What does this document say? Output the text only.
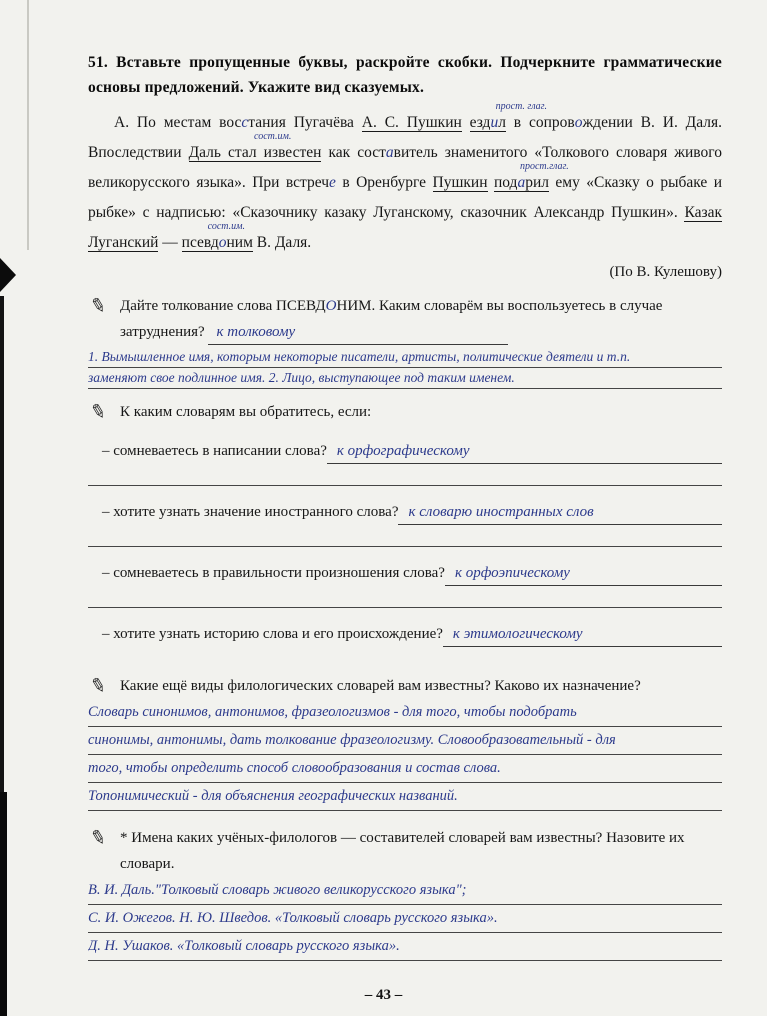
51. Вставьте пропущенные буквы, раскройте скобки. Подчеркните грамматические основы предложений. Укажите вид сказуемых.

А. По местам восстания Пугачёва А. С. Пушкин езд
прост. глаг.
ил в сопровождении В. И. Даля. Впоследствии Даль стал известен
сост.им.
как составитель знаменитого «Толкового словаря живого великорусского языка». При встрече в Оренбурге Пушкин под
прост.глаг.
арил ему «Сказку о рыбаке и рыбке» с надписью: «Сказочнику казаку Луганскому, сказочник Александр Пушкин». Казак Луганский — псевд
сост.им.
оним В. Даля.

(По В. Кулешову)
✎ Дайте толкование слова ПСЕВДОНИМ. Каким словарём вы воспользуетесь в случае затруднения? к толковому
1. Вымышленное имя, которым некоторые писатели, артисты, политические деятели и т.п.
заменяют свое подлинное имя. 2. Лицо, выступающее под таким именем.
✎ К каким словарям вы обратитесь, если:
– сомневаетесь в написании слова? к орфографическому
– хотите узнать значение иностранного слова? к словарю иностранных слов
– сомневаетесь в правильности произношения слова? к орфоэпическому
– хотите узнать историю слова и его происхождение? к этимологическому
✎ Какие ещё виды филологических словарей вам известны? Каково их назначение?
Словарь синонимов, антонимов, фразеологизмов - для того, чтобы подобрать
синонимы, антонимы, дать толкование фразеологизму. Словообразовательный - для
того, чтобы определить способ словообразования и состав слова.
Топонимический - для объяснения географических названий.
✎ * Имена каких учёных-филологов — составителей словарей вам известны? Назовите их словари.
В. И. Даль."Толковый словарь живого великорусского языка";
С. И. Ожегов. Н. Ю. Шведов. «Толковый словарь русского языка».
Д. Н. Ушаков. «Толковый словарь русского языка».
– 43 –
